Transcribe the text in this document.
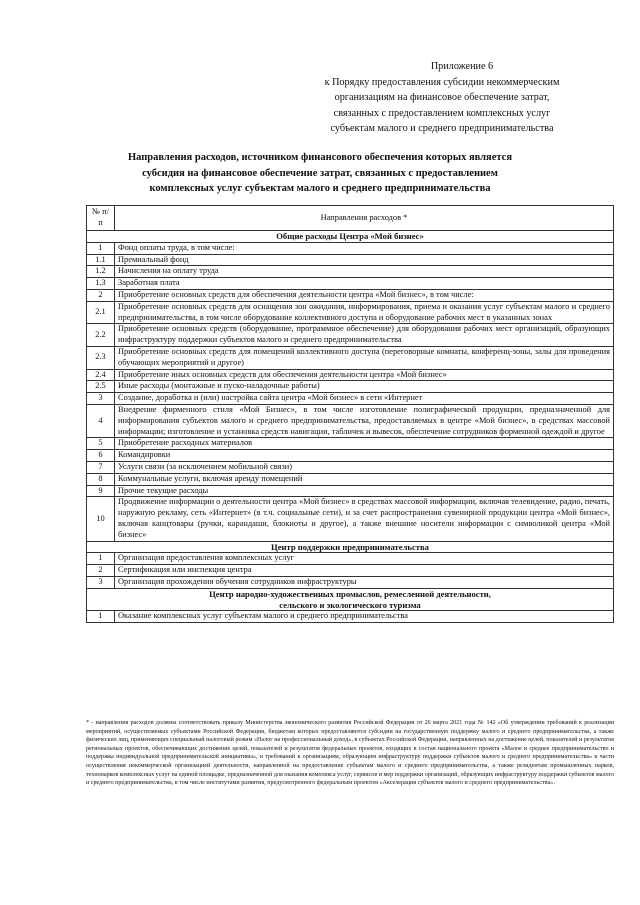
Приложение 6
к Порядку предоставления субсидии некоммерческим
организациям на финансовое обеспечение затрат,
связанных с предоставлением комплексных услуг
субъектам малого и среднего предпринимательства
Направления расходов, источником финансового обеспечения которых является
субсидия на финансовое обеспечение затрат, связанных с предоставлением
комплексных услуг субъектам малого и среднего предпринимательства
№ п/п	Направления расходов *
Общие расходы Центра «Мой бизнес»	
1	Фонд оплаты труда, в том числе:
1.1	Премиальный фонд
1.2	Начисления на оплату труда
1.3	Заработная плата
2	Приобретение основных средств для обеспечения деятельности центра «Мой бизнес», в том числе:
2.1	Приобретение основных средств для оснащения зон ожидания, информирования, приема и оказания услуг субъектам малого и среднего предпринимательства, в том числе оборудование коллективного доступа и оборудование рабочих мест в указанных зонах
2.2	Приобретение основных средств (оборудование, программное обеспечение) для оборудования рабочих мест организаций, образующих инфраструктуру поддержки субъектов малого и среднего предпринимательства
2.3	Приобретение основных средств для помещений коллективного доступа (переговорные комнаты, конференц-зоны, залы для проведения обучающих мероприятий и другое)
2.4	Приобретение иных основных средств для обеспечения деятельности центра «Мой бизнес»
2.5	Иные расходы (монтажные и пуско-наладочные работы)
3	Создание, доработка и (или) настройка сайта центра «Мой бизнес» в сети «Интернет
4	Внедрение фирменного стиля «Мой Бизнес», в том числе изготовление полиграфической продукции, предназначенной для информирования субъектов малого и среднего предпринимательства, предоставляемых в центре «Мой бизнес», в средствах массовой информации; изготовление и установка средств навигации, табличек и вывесок, обеспечение сотрудников форменной одеждой и другое
5	Приобретение расходных материалов
6	Командировки
7	Услуги связи (за исключением мобильной связи)
8	Коммунальные услуги, включая аренду помещений
9	Прочие текущие расходы
10	Продвижение информации о деятельности центра «Мой бизнес» в средствах массовой информации, включая телевидение, радио, печать, наружную рекламу, сеть «Интернет» (в т.ч. социальные сети), и за счет распространения сувенирной продукции центра «Мой бизнес», включая канцтовары (ручки, карандаши, блокноты и другое), а также внешние носители информации с символикой центра «Мой бизнес»
Центр поддержки предпринимательства	
1	Организация предоставления комплексных услуг
2	Сертификация или инспекция центра
3	Организация прохождения обучения сотрудников инфраструктуры

Центр народно-художественных промыслов, ремесленной деятельности,
сельского и экологического туризма	

1	Оказание комплексных услуг субъектам малого и среднего предпринимательства
* - направления расходов должны соответствовать приказу Министерства экономического развития Российской Федерации от 26 марта 2021 года № 142 «Об утверждении требований к реализации мероприятий, осуществляемых субъектами Российской Федерации, бюджетам которых предоставляются субсидии на государственную поддержку малого и среднего предпринимательства, а также физических лиц, применяющих специальный налоговый режим «Налог на профессиональный доход», в субъектах Российской Федерации, направленных на достижение целей, показателей и результатов региональных проектов, обеспечивающих достижение целей, показателей и результатов федеральных проектов, входящих в состав национального проекта «Малое и среднее предпринимательство и поддержка индивидуальной предпринимательской инициативы», и требований к организациям, образующим инфраструктуру поддержки субъектов малого и среднего предпринимательства» к части осуществления некоммерческой организацией деятельности, направленной на предоставление субъектам малого и среднего предпринимательства, а также резидентам промышленных парков, технопарков комплексных услуг на единой площадке, предназначенной для оказания комплекса услуг, сервисов и мер поддержки организаций, образующих инфраструктуру поддержки субъектов малого и среднего предпринимательства, в том числе институтами развития, предусмотренного федеральным проектом «Акселерация субъектов малого и среднего предпринимательства».
